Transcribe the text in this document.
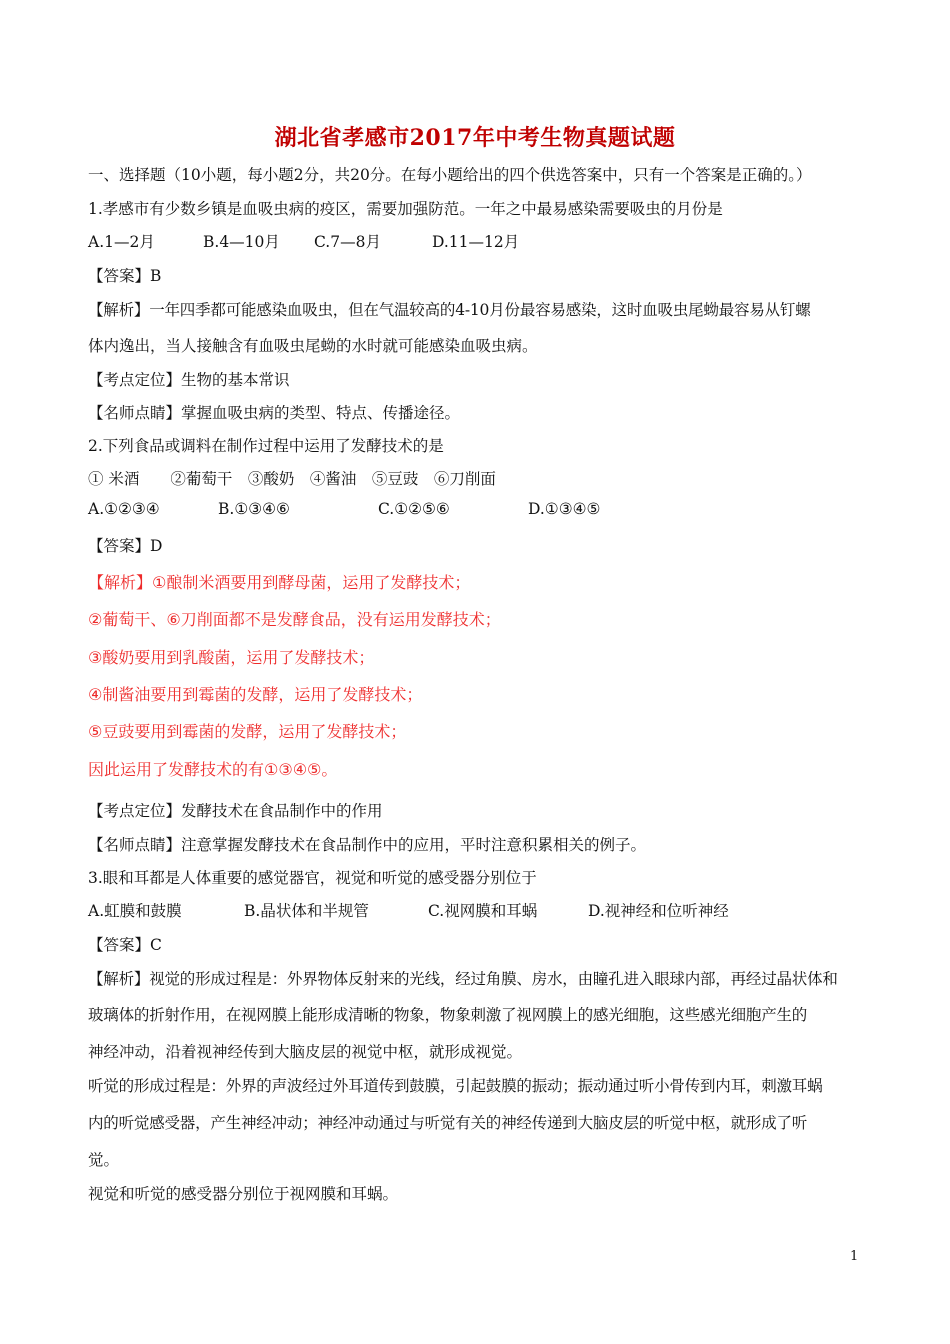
湖北省孝感市2017年中考生物真题试题
一、选择题（10小题，每小题2分，共20分。在每小题给出的四个供选答案中，只有一个答案是正确的。）
1.孝感市有少数乡镇是血吸虫病的疫区，需要加强防范。一年之中最易感染需要吸虫的月份是
A.1—2月	B.4—10月 C.7—8月	D.11—12月
【答案】B
【解析】一年四季都可能感染血吸虫，但在气温较高的4-10月份最容易感染，这时血吸虫尾蚴最容易从钉螺
体内逸出，当人接触含有血吸虫尾蚴的水时就可能感染血吸虫病。
【考点定位】生物的基本常识
【名师点睛】掌握血吸虫病的类型、特点、传播途径。
2.下列食品或调料在制作过程中运用了发酵技术的是
① 米酒　　②葡萄干　③酸奶　④酱油　⑤豆豉　⑥刀削面
A.①②③④	B.①③④⑥	C.①②⑤⑥	D.①③④⑤
【答案】D
【解析】①酿制米酒要用到酵母菌，运用了发酵技术；
②葡萄干、⑥刀削面都不是发酵食品，没有运用发酵技术；
③酸奶要用到乳酸菌，运用了发酵技术；
④制酱油要用到霉菌的发酵，运用了发酵技术；
⑤豆豉要用到霉菌的发酵，运用了发酵技术；
因此运用了发酵技术的有①③④⑤。
【考点定位】发酵技术在食品制作中的作用
【名师点睛】注意掌握发酵技术在食品制作中的应用，平时注意积累相关的例子。
3.眼和耳都是人体重要的感觉器官，视觉和听觉的感受器分别位于
A.虹膜和鼓膜	B.晶状体和半规管	C.视网膜和耳蜗	D.视神经和位听神经
【答案】C
【解析】视觉的形成过程是：外界物体反射来的光线，经过角膜、房水，由瞳孔进入眼球内部，再经过晶状体和
玻璃体的折射作用，在视网膜上能形成清晰的物象，物象刺激了视网膜上的感光细胞，这些感光细胞产生的
神经冲动，沿着视神经传到大脑皮层的视觉中枢，就形成视觉。
听觉的形成过程是：外界的声波经过外耳道传到鼓膜，引起鼓膜的振动；振动通过听小骨传到内耳，刺激耳蜗
内的听觉感受器，产生神经冲动；神经冲动通过与听觉有关的神经传递到大脑皮层的听觉中枢，就形成了听
觉。
视觉和听觉的感受器分别位于视网膜和耳蜗。
1
